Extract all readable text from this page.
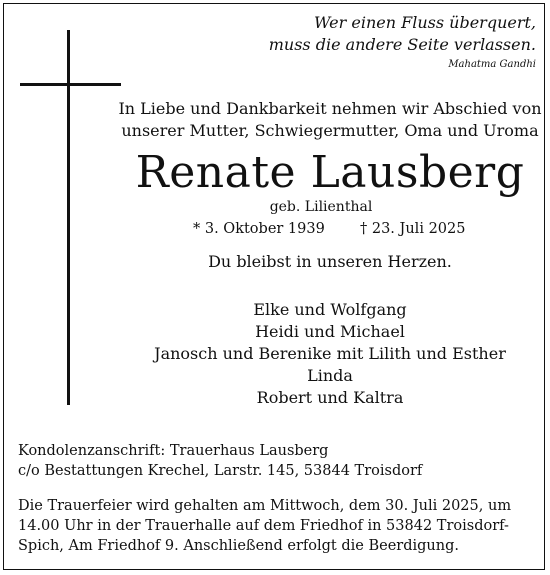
Wer einen Fluss überquert,
muss die andere Seite verlassen.
Mahatma Gandhi
In Liebe und Dankbarkeit nehmen wir Abschied von
unserer Mutter, Schwiegermutter, Oma und Uroma
Renate Lausberg
geb. Lilienthal
* 3. Oktober 1939 † 23. Juli 2025
Du bleibst in unseren Herzen.
Elke und Wolfgang
Heidi und Michael
Janosch und Berenike mit Lilith und Esther
Linda
Robert und Kaltra
Kondolenzanschrift: Trauerhaus Lausberg
c/o Bestattungen Krechel, Larstr. 145, 53844 Troisdorf
Die Trauerfeier wird gehalten am Mittwoch, dem 30. Juli 2025, um
14.00 Uhr in der Trauerhalle auf dem Friedhof in 53842 Troisdorf-
Spich, Am Friedhof 9. Anschließend erfolgt die Beerdigung.
